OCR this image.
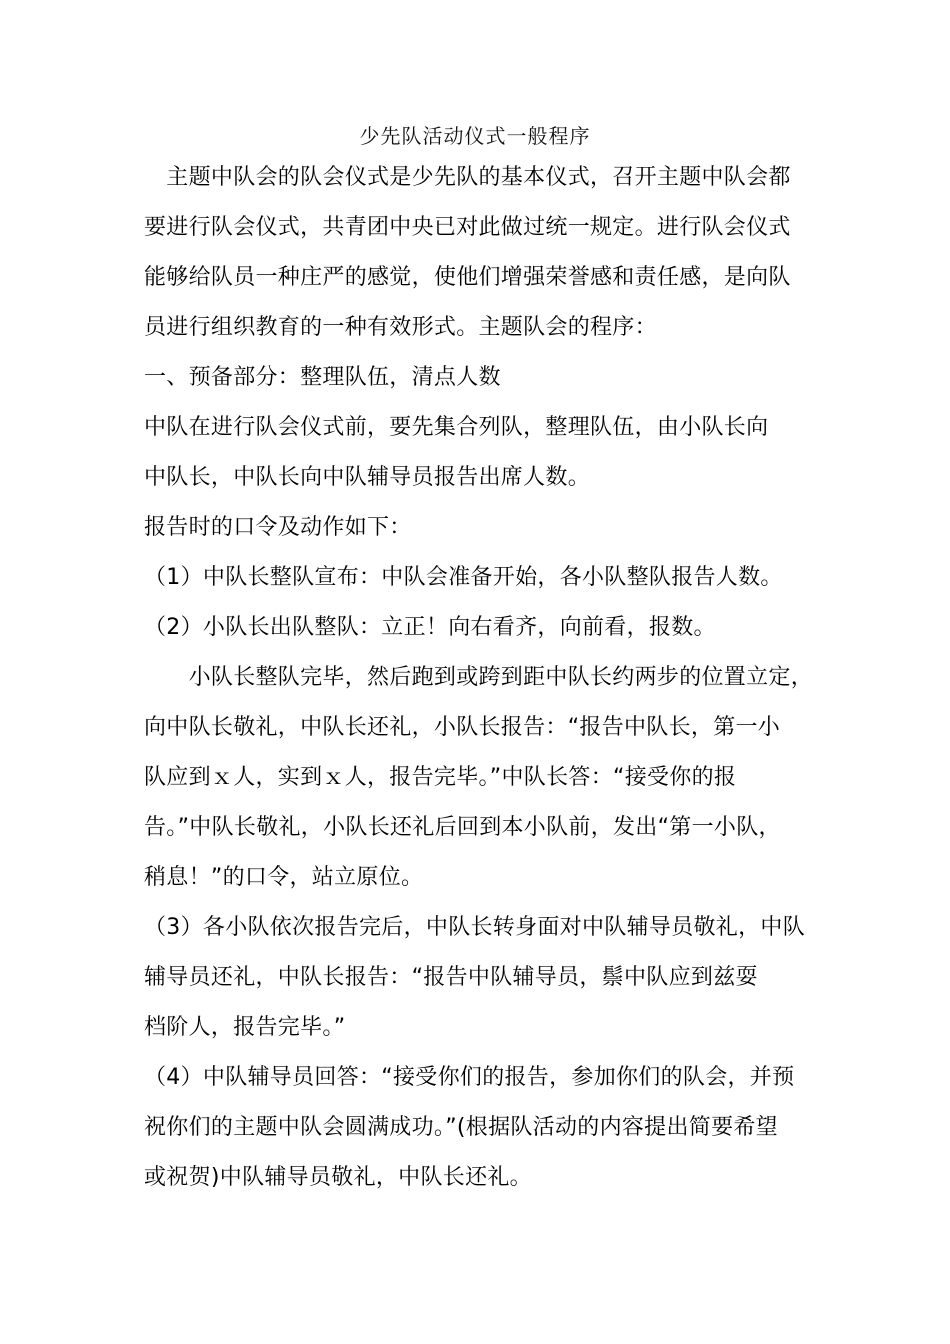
少先队活动仪式一般程序
　主题中队会的队会仪式是少先队的基本仪式，召开主题中队会都
要进行队会仪式，共青团中央已对此做过统一规定。进行队会仪式
能够给队员一种庄严的感觉，使他们增强荣誉感和责任感，是向队
员进行组织教育的一种有效形式。主题队会的程序：
一、预备部分：整理队伍，清点人数
中队在进行队会仪式前，要先集合列队，整理队伍，由小队长向
中队长，中队长向中队辅导员报告出席人数。
报告时的口令及动作如下：
（1）中队长整队宣布：中队会准备开始，各小队整队报告人数。
（2）小队长出队整队：立正！向右看齐，向前看，报数。
　　小队长整队完毕，然后跑到或跨到距中队长约两步的位置立定，
向中队长敬礼，中队长还礼，小队长报告：“报告中队长，第一小
队应到ｘ人，实到ｘ人，报告完毕。”中队长答：“接受你的报
告。”中队长敬礼，小队长还礼后回到本小队前，发出“第一小队，
稍息！”的口令，站立原位。
（3）各小队依次报告完后，中队长转身面对中队辅导员敬礼，中队
辅导员还礼，中队长报告：“报告中队辅导员，鬃中队应到兹耍
档阶人，报告完毕。”
（4）中队辅导员回答：“接受你们的报告，参加你们的队会，并预
祝你们的主题中队会圆满成功。”(根据队活动的内容提出简要希望
或祝贺)中队辅导员敬礼，中队长还礼。
